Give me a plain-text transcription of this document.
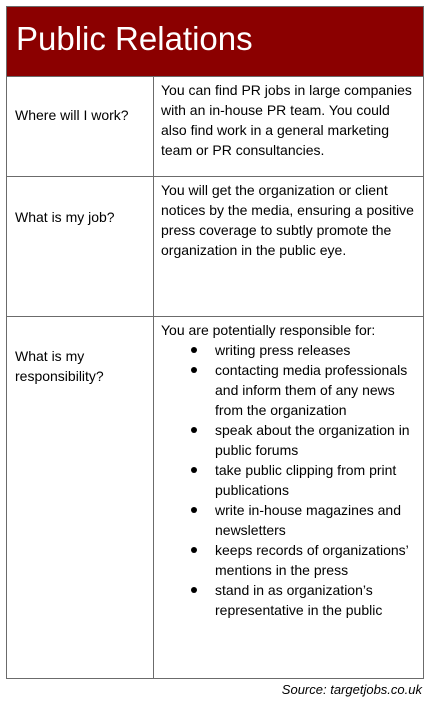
Public Relations

Where will I work?

You can find PR jobs in large companies with an in-house PR team. You could also find work in a general marketing team or PR consultancies.

What is my job?

You will get the organization or client notices by the media, ensuring a positive press coverage to subtly promote the organization in the public eye.

What is my responsibility?

You are potentially responsible for:

writing press releases
contacting media professionals and inform them of any news from the organization
speak about the organization in public forums
take public clipping from print publications
write in-house magazines and newsletters
keeps records of organizations’ mentions in the press
stand in as organization’s representative in the public

Source: targetjobs.co.uk
